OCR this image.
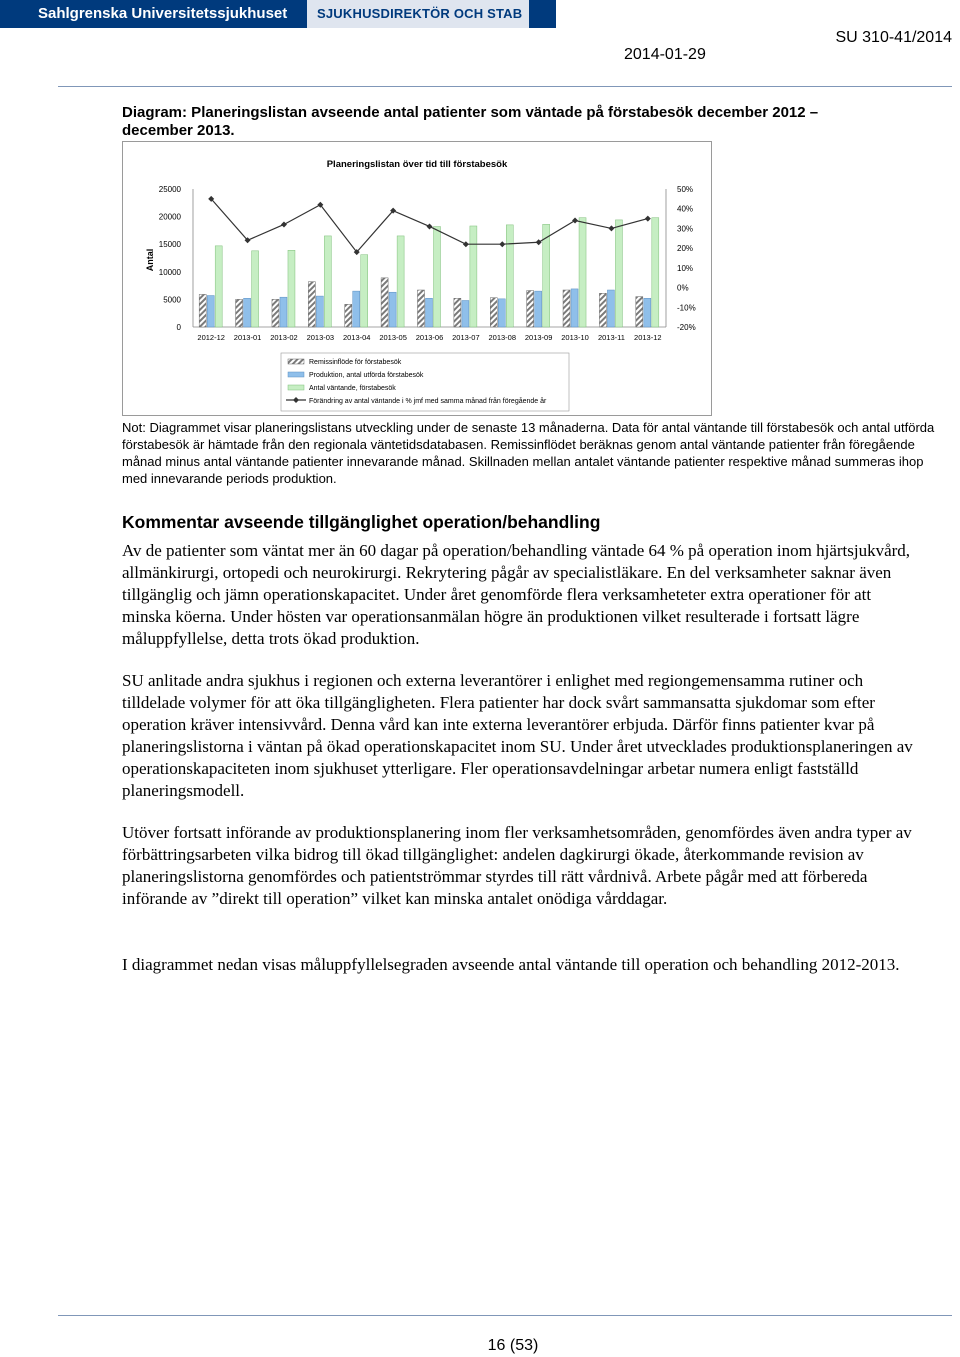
Sahlgrenska Universitetssjukhuset	SJUKHUSDIREKTÖR OCH STAB
SU 310-41/2014
2014-01-29
Diagram: Planeringslistan avseende antal patienter som väntade på förstabesök december 2012 – december 2013.
Planeringslistan över tid till förstabesök
Antal
25000
20000
15000
10000
5000
0
50%
40%
30%
20%
10%
0%
-10%
-20%
2012-12 2013-01 2013-02 2013-03 2013-04 2013-05 2013-06 2013-07 2013-08 2013-09 2013-10 2013-11 2013-12
Remissinflöde för förstabesök
Produktion, antal utförda förstabesök
Antal väntande, förstabesök
Förändring av antal väntande i % jmf med samma månad från föregående år
Not: Diagrammet visar planeringslistans utveckling under de senaste 13 månaderna. Data för antal väntande till förstabesök och antal utförda förstabesök är hämtade från den regionala väntetidsdatabasen. Remissinflödet beräknas genom antal väntande patienter från föregående månad minus antal väntande patienter innevarande månad. Skillnaden mellan antalet väntande patienter respektive månad summeras ihop med innevarande periods produktion.
Kommentar avseende tillgänglighet operation/behandling
Av de patienter som väntat mer än 60 dagar på operation/behandling väntade 64 % på operation inom hjärtsjukvård, allmänkirurgi, ortopedi och neurokirurgi. Rekrytering pågår av specialistläkare. En del verksamheter saknar även tillgänglig och jämn operationskapacitet. Under året genomförde flera verksamheteter extra operationer för att minska köerna. Under hösten var operationsanmälan högre än produktionen vilket resulterade i fortsatt lägre måluppfyllelse, detta trots ökad produktion.
SU anlitade andra sjukhus i regionen och externa leverantörer i enlighet med regiongemensamma rutiner och tilldelade volymer för att öka tillgängligheten. Flera patienter har dock svårt sammansatta sjukdomar som efter operation kräver intensivvård. Denna vård kan inte externa leverantörer erbjuda. Därför finns patienter kvar på planeringslistorna i väntan på ökad operationskapacitet inom SU. Under året utvecklades produktionsplaneringen av operationskapaciteten inom sjukhuset ytterligare. Fler operationsavdelningar arbetar numera enligt fastställd planeringsmodell.
Utöver fortsatt införande av produktionsplanering inom fler verksamhetsområden, genomfördes även andra typer av förbättringsarbeten vilka bidrog till ökad tillgänglighet: andelen dagkirurgi ökade, återkommande revision av planeringslistorna genomfördes och patientströmmar styrdes till rätt vårdnivå. Arbete pågår med att förbereda införande av ”direkt till operation” vilket kan minska antalet onödiga vårddagar.
I diagrammet nedan visas måluppfyllelsegraden avseende antal väntande till operation och behandling 2012-2013.
16 (53)
